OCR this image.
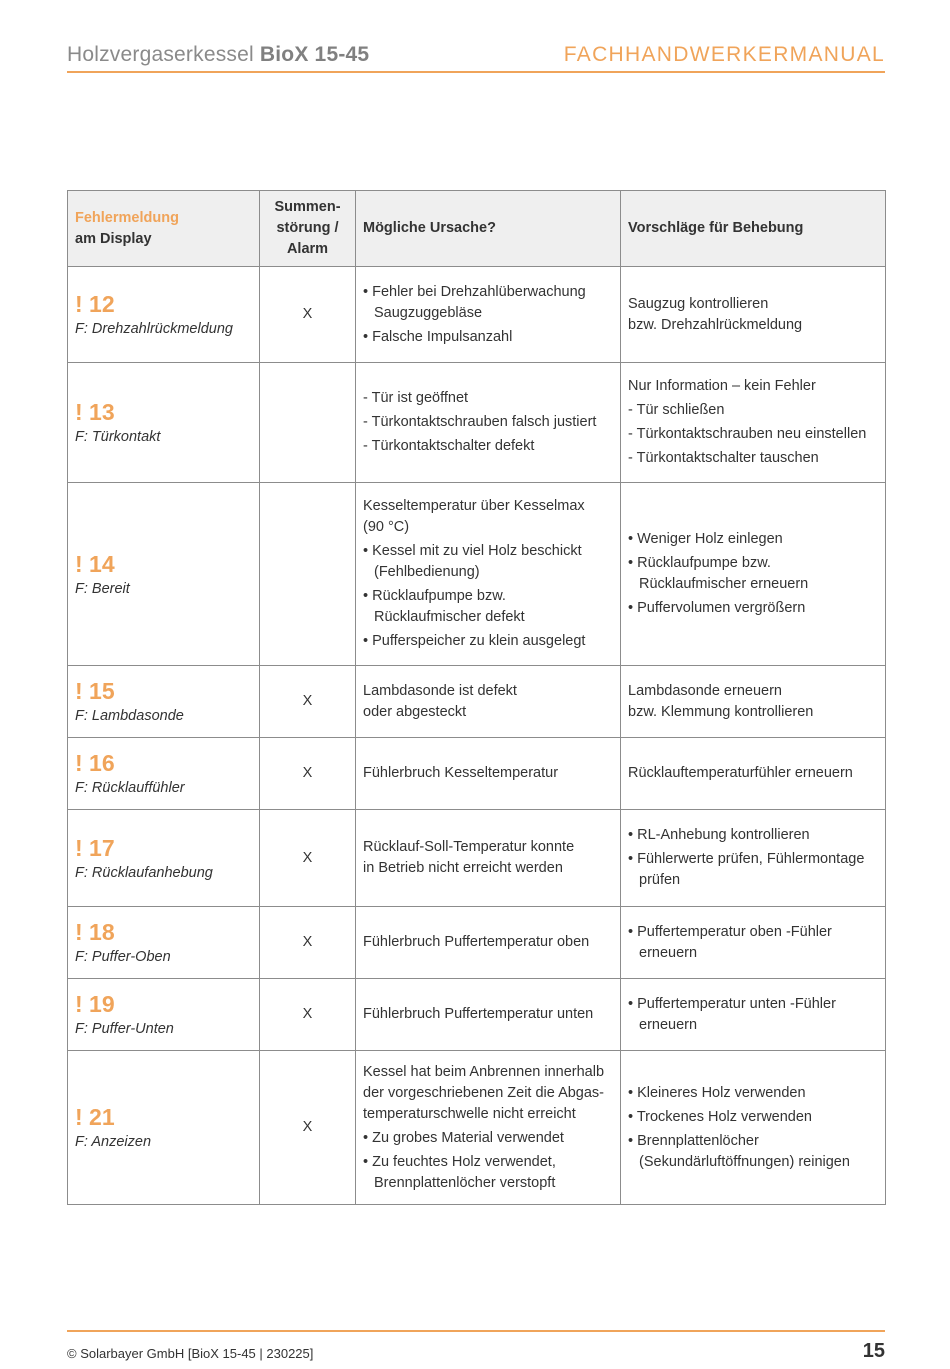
Holzvergaserkessel BioX 15-45	FACHHANDWERKERMANUAL
Fehlermeldung
am Display	Summen-
störung /
Alarm	Mögliche Ursache?	Vorschläge für Behebung

! 12
F: Drehzahlrückmeldung	X	• Fehler bei Drehzahlüberwachung Saugzuggebläse
• Falsche Impulsanzahl	Saugzug kontrollieren
bzw. Drehzahlrückmeldung

! 13
F: Türkontakt		- Tür ist geöffnet
- Türkontaktschrauben falsch justiert
- Türkontaktschalter defekt	Nur Information – kein Fehler
- Tür schließen
- Türkontaktschrauben neu einstellen
- Türkontaktschalter tauschen

! 14
F: Bereit		Kesseltemperatur über Kesselmax
(90 °C)
• Kessel mit zu viel Holz beschickt (Fehlbedienung)
• Rücklaufpumpe bzw. Rücklaufmischer defekt
• Pufferspeicher zu klein ausgelegt	• Weniger Holz einlegen
• Rücklaufpumpe bzw. Rücklaufmischer erneuern
• Puffervolumen vergrößern

! 15
F: Lambdasonde	X	Lambdasonde ist defekt
oder abgesteckt	Lambdasonde erneuern
bzw. Klemmung kontrollieren

! 16
F: Rücklauffühler	X	Fühlerbruch Kesseltemperatur	Rücklauftemperaturfühler erneuern

! 17
F: Rücklaufanhebung	X	Rücklauf-Soll-Temperatur konnte
in Betrieb nicht erreicht werden	• RL-Anhebung kontrollieren
• Fühlerwerte prüfen, Fühlermontage prüfen

! 18
F: Puffer-Oben	X	Fühlerbruch Puffertemperatur oben	• Puffertemperatur oben -Fühler erneuern

! 19
F: Puffer-Unten	X	Fühlerbruch Puffertemperatur unten	• Puffertemperatur unten -Fühler erneuern

! 21
F: Anzeizen	X	Kessel hat beim Anbrennen innerhalb
der vorgeschriebenen Zeit die Abgas-
temperaturschwelle nicht erreicht
• Zu grobes Material verwendet
• Zu feuchtes Holz verwendet, Brennplattenlöcher verstopft	• Kleineres Holz verwenden
• Trockenes Holz verwenden
• Brennplattenlöcher (Sekundärluftöffnungen) reinigen
© Solarbayer GmbH [BioX 15-45 | 230225]	15
